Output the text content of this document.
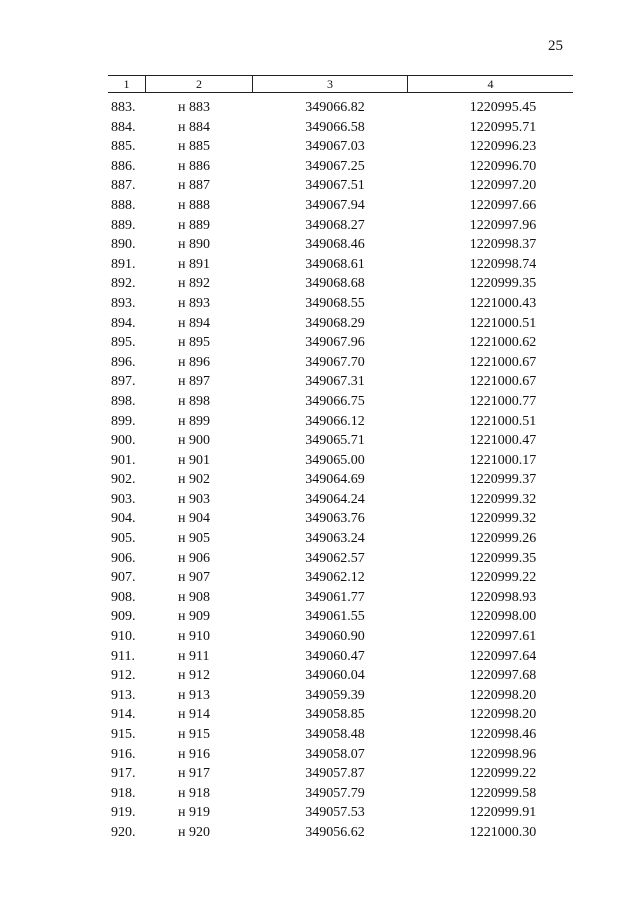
25
1	2	3	4
883.	н 883	349066.82	1220995.45
884.	н 884	349066.58	1220995.71
885.	н 885	349067.03	1220996.23
886.	н 886	349067.25	1220996.70
887.	н 887	349067.51	1220997.20
888.	н 888	349067.94	1220997.66
889.	н 889	349068.27	1220997.96
890.	н 890	349068.46	1220998.37
891.	н 891	349068.61	1220998.74
892.	н 892	349068.68	1220999.35
893.	н 893	349068.55	1221000.43
894.	н 894	349068.29	1221000.51
895.	н 895	349067.96	1221000.62
896.	н 896	349067.70	1221000.67
897.	н 897	349067.31	1221000.67
898.	н 898	349066.75	1221000.77
899.	н 899	349066.12	1221000.51
900.	н 900	349065.71	1221000.47
901.	н 901	349065.00	1221000.17
902.	н 902	349064.69	1220999.37
903.	н 903	349064.24	1220999.32
904.	н 904	349063.76	1220999.32
905.	н 905	349063.24	1220999.26
906.	н 906	349062.57	1220999.35
907.	н 907	349062.12	1220999.22
908.	н 908	349061.77	1220998.93
909.	н 909	349061.55	1220998.00
910.	н 910	349060.90	1220997.61
911.	н 911	349060.47	1220997.64
912.	н 912	349060.04	1220997.68
913.	н 913	349059.39	1220998.20
914.	н 914	349058.85	1220998.20
915.	н 915	349058.48	1220998.46
916.	н 916	349058.07	1220998.96
917.	н 917	349057.87	1220999.22
918.	н 918	349057.79	1220999.58
919.	н 919	349057.53	1220999.91
920.	н 920	349056.62	1221000.30
